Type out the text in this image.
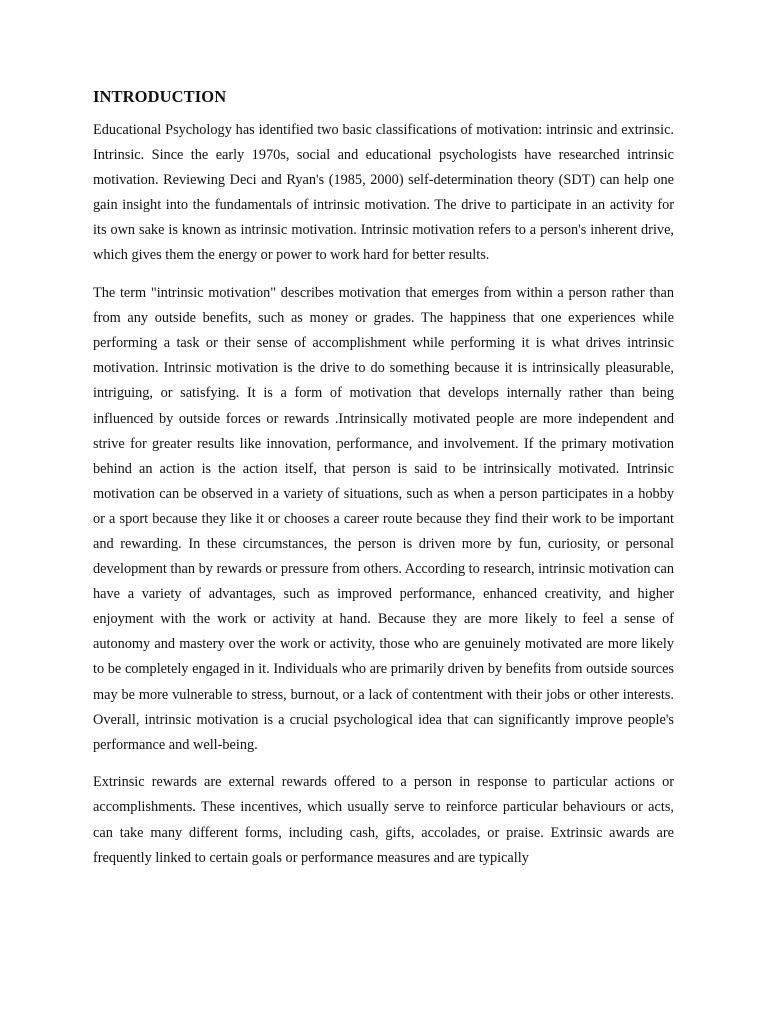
INTRODUCTION

Educational Psychology has identified two basic classifications of motivation: intrinsic and extrinsic. Intrinsic. Since the early 1970s, social and educational psychologists have researched intrinsic motivation. Reviewing Deci and Ryan's (1985, 2000) self-determination theory (SDT) can help one gain insight into the fundamentals of intrinsic motivation. The drive to participate in an activity for its own sake is known as intrinsic motivation. Intrinsic motivation refers to a person's inherent drive, which gives them the energy or power to work hard for better results.

The term "intrinsic motivation" describes motivation that emerges from within a person rather than from any outside benefits, such as money or grades. The happiness that one experiences while performing a task or their sense of accomplishment while performing it is what drives intrinsic motivation. Intrinsic motivation is the drive to do something because it is intrinsically pleasurable, intriguing, or satisfying. It is a form of motivation that develops internally rather than being influenced by outside forces or rewards .Intrinsically motivated people are more independent and strive for greater results like innovation, performance, and involvement. If the primary motivation behind an action is the action itself, that person is said to be intrinsically motivated. Intrinsic motivation can be observed in a variety of situations, such as when a person participates in a hobby or a sport because they like it or chooses a career route because they find their work to be important and rewarding. In these circumstances, the person is driven more by fun, curiosity, or personal development than by rewards or pressure from others. According to research, intrinsic motivation can have a variety of advantages, such as improved performance, enhanced creativity, and higher enjoyment with the work or activity at hand. Because they are more likely to feel a sense of autonomy and mastery over the work or activity, those who are genuinely motivated are more likely to be completely engaged in it. Individuals who are primarily driven by benefits from outside sources may be more vulnerable to stress, burnout, or a lack of contentment with their jobs or other interests. Overall, intrinsic motivation is a crucial psychological idea that can significantly improve people's performance and well-being.

Extrinsic rewards are external rewards offered to a person in response to particular actions or accomplishments. These incentives, which usually serve to reinforce particular behaviours or acts, can take many different forms, including cash, gifts, accolades, or praise. Extrinsic awards are frequently linked to certain goals or performance measures and are typically
